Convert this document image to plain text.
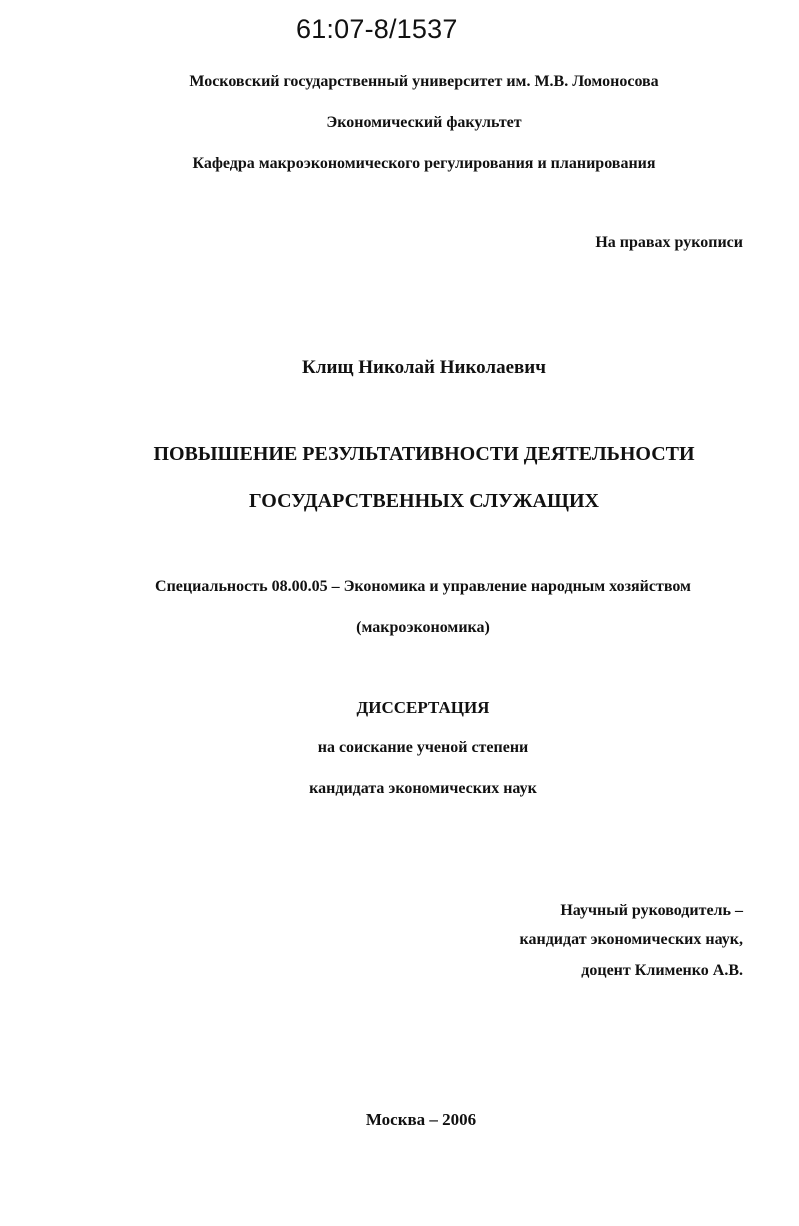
61:07-8/1537
Московский государственный университет им. М.В. Ломоносова
Экономический факультет
Кафедра макроэкономического регулирования и планирования
На правах рукописи
Клищ Николай Николаевич
ПОВЫШЕНИЕ РЕЗУЛЬТАТИВНОСТИ ДЕЯТЕЛЬНОСТИ
ГОСУДАРСТВЕННЫХ СЛУЖАЩИХ
Специальность 08.00.05 – Экономика и управление народным хозяйством
(макроэкономика)
ДИССЕРТАЦИЯ
на соискание ученой степени
кандидата экономических наук
Научный руководитель –
кандидат экономических наук,
доцент Клименко А.В.
Москва – 2006
